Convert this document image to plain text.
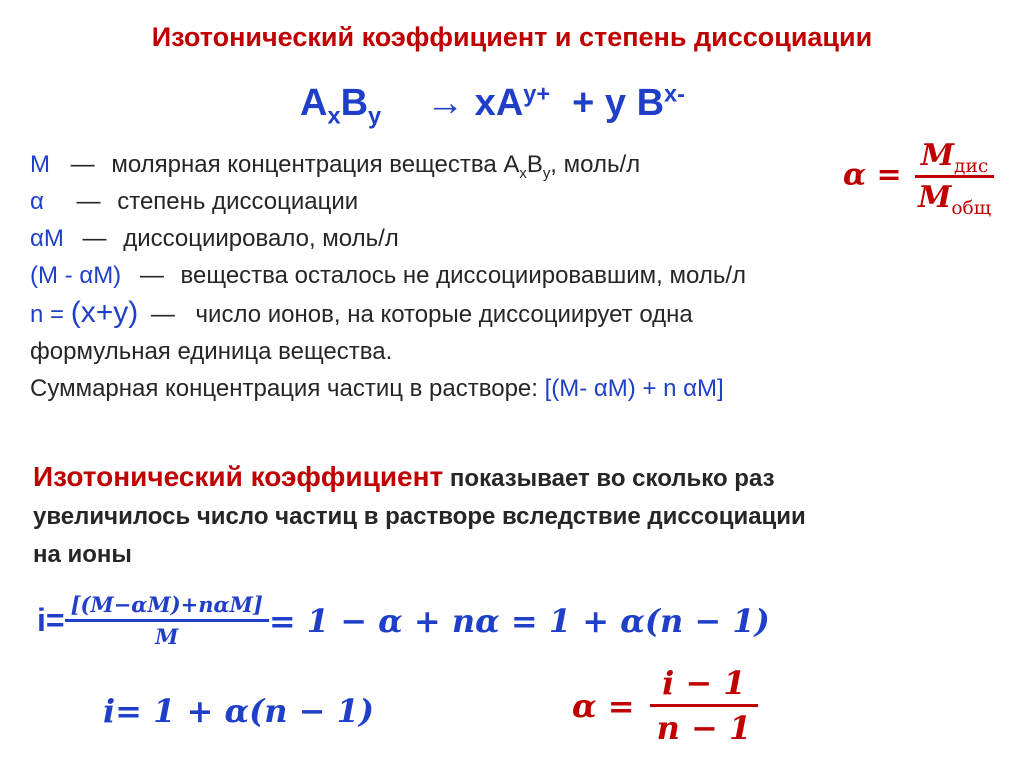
Изотонический коэффициент и степень диссоциации
$A_xB_y \to xA^{y+} + y$ $B^{x-}$
M — молярная концентрация вещества $A_xB_y$, моль/л
α — степень диссоциации
αM — диссоциировало, моль/л
(M - αM) — вещества осталось не диссоциировавшим, моль/л
n = (x+y) — число ионов, на которые диссоциирует одна
формульная единица вещества.
Суммарная концентрация частиц в растворе: [(M- αM) + n αM]
$\alpha = \frac{M_{дис}}{M_{общ}}$
Изотонический коэффициент показывает во сколько раз
увеличилось число частиц в растворе вследствие диссоциации
на ионы
$i= \frac{\text{[(M−αM)+nαM]}}{M} = 1 - \alpha + n\alpha = 1 + \alpha(n - 1)$
i= 1 + α(n − 1)	$\alpha = \frac{i - 1}{n - 1}$
